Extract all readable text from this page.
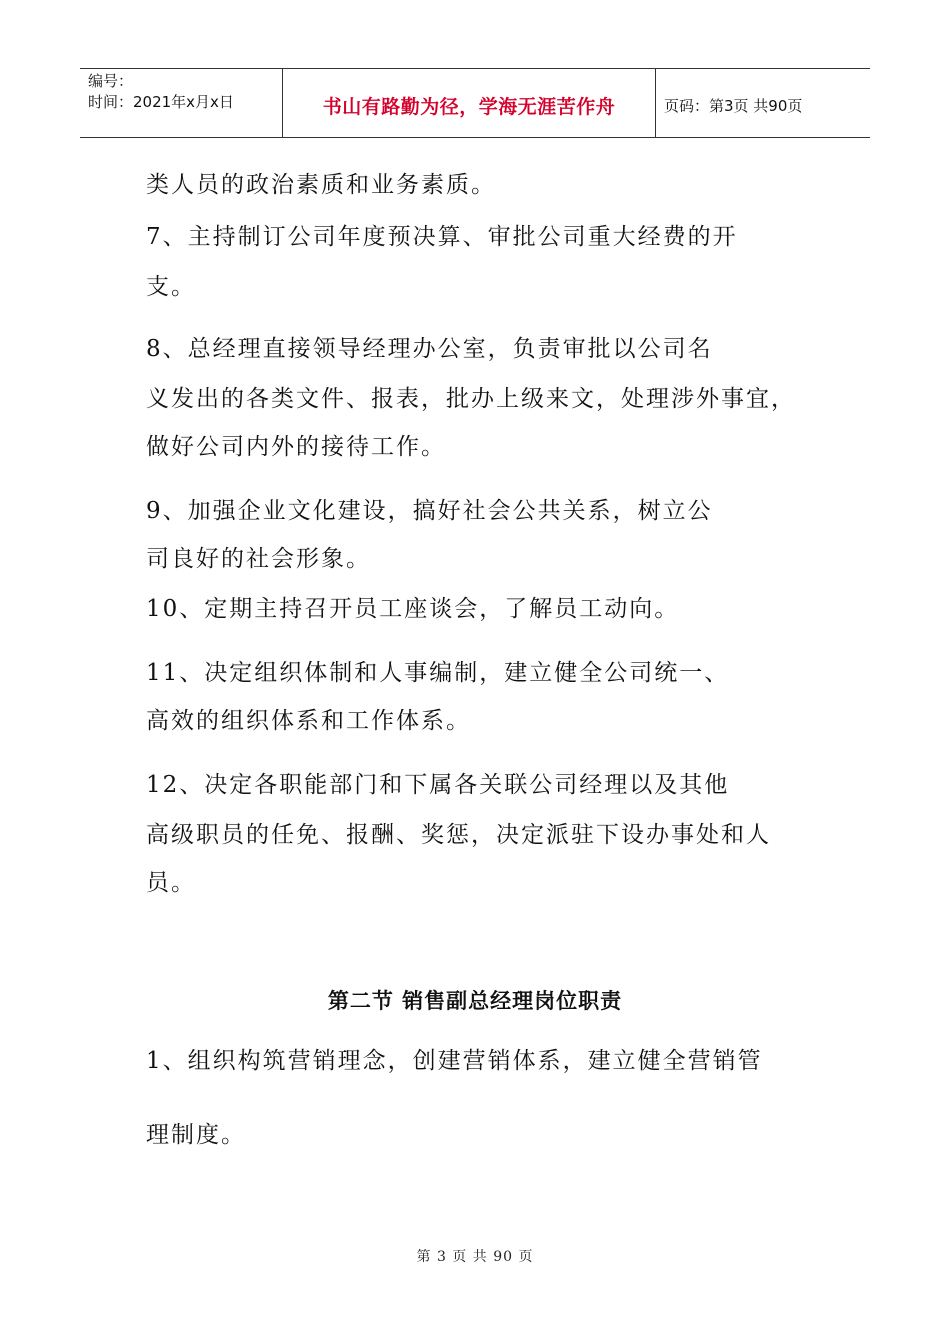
编号：
时间：2021年x月x日	书山有路勤为径，学海无涯苦作舟	页码：第3页 共90页

类人员的政治素质和业务素质。

7、主持制订公司年度预决算、审批公司重大经费的开

支。

8、总经理直接领导经理办公室，负责审批以公司名

义发出的各类文件、报表，批办上级来文，处理涉外事宜，

做好公司内外的接待工作。

9、加强企业文化建设，搞好社会公共关系，树立公

司良好的社会形象。

10、定期主持召开员工座谈会，了解员工动向。

11、决定组织体制和人事编制，建立健全公司统一、

高效的组织体系和工作体系。

12、决定各职能部门和下属各关联公司经理以及其他

高级职员的任免、报酬、奖惩，决定派驻下设办事处和人

员。

第二节 销售副总经理岗位职责

1、组织构筑营销理念，创建营销体系，建立健全营销管

理制度。

第 3 页 共 90 页
